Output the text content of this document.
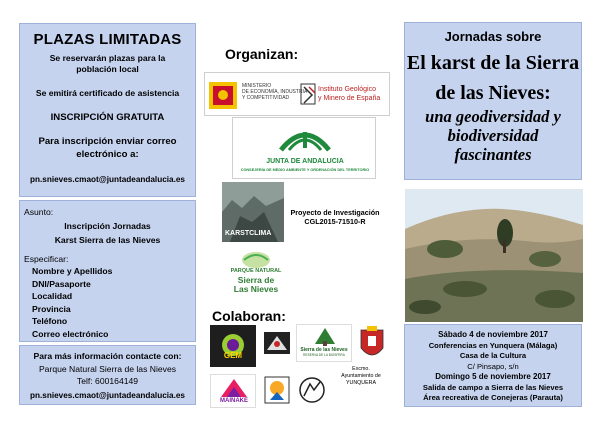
PLAZAS LIMITADAS
Se reservarán plazas para la
población local
Se emitirá certificado de asistencia
INSCRIPCIÓN GRATUITA
Para inscripción enviar correo
electrónico a:
pn.snieves.cmaot@juntadeandalucia.es
Asunto:
Inscripción Jornadas
Karst Sierra de las Nieves
Especificar:
Nombre y Apellidos
DNI/Pasaporte
Localidad
Provincia
Teléfono
Correo electrónico
Para más información contacte con:
Parque Natural Sierra de las Nieves
Telf: 600164149
pn.snieves.cmaot@juntadeandalucia.es
Organizan:
MINISTERIO
DE ECONOMÍA, INDUSTRIA
Y COMPETITIVIDAD
Instituto Geológico
y Minero de España
JUNTA DE ANDALUCIA
CONSEJERÍA DE MEDIO AMBIENTE Y ORDENACIÓN DEL TERRITORIO
KARSTCLIMA
Proyecto de Investigación
CGL2015-71510-R
PARQUE NATURAL
Sierra de
Las Nieves
Colaboran:
GEM
Sierra de las Nieves
RESERVA DE LA BIOSFERA
MAINAKE
Excmo.
Ayuntamiento de
YUNQUERA
Jornadas sobre
El karst de la Sierra
de las Nieves:
una geodiversidad y
biodiversidad
fascinantes
Sábado 4 de noviembre 2017
Conferencias en Yunquera (Málaga)
Casa de la Cultura
C/ Pinsapo, s/n
Domingo 5 de noviembre 2017
Salida de campo a Sierra de las Nieves
Área recreativa de Conejeras (Parauta)
